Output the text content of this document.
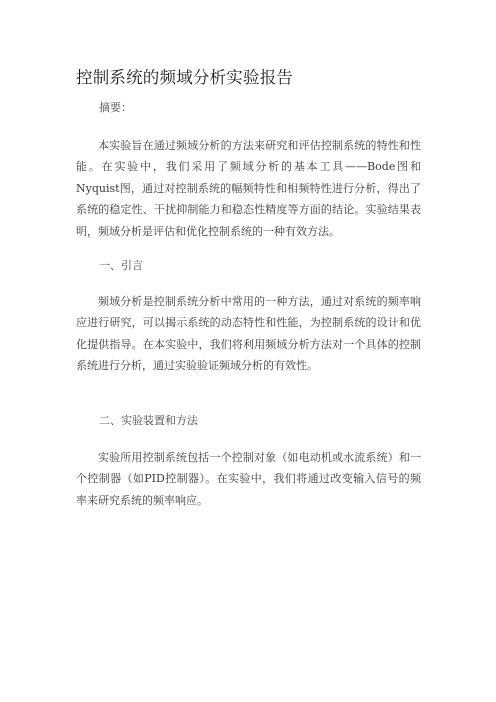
控制系统的频域分析实验报告

摘要：

本实验旨在通过频域分析的方法来研究和评估控制系统的特性和性能。在实验中，我们采用了频域分析的基本工具——Bode图和Nyquist图，通过对控制系统的幅频特性和相频特性进行分析，得出了系统的稳定性、干扰抑制能力和稳态性精度等方面的结论。实验结果表明，频域分析是评估和优化控制系统的一种有效方法。

一、引言

频域分析是控制系统分析中常用的一种方法，通过对系统的频率响应进行研究，可以揭示系统的动态特性和性能，为控制系统的设计和优化提供指导。在本实验中，我们将利用频域分析方法对一个具体的控制系统进行分析，通过实验验证频域分析的有效性。

二、实验装置和方法

实验所用控制系统包括一个控制对象（如电动机或水流系统）和一个控制器（如PID控制器）。在实验中，我们将通过改变输入信号的频率来研究系统的频率响应。
